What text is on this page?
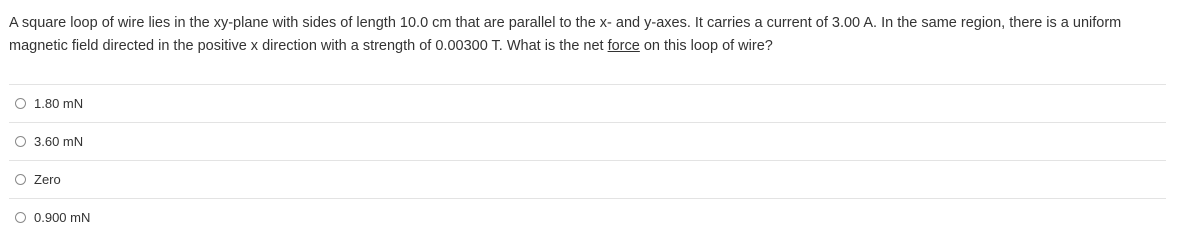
A square loop of wire lies in the xy-plane with sides of length 10.0 cm that are parallel to the x- and y-axes. It carries a current of 3.00 A. In the same region, there is a uniform magnetic field directed in the positive x direction with a strength of 0.00300 T. What is the net force on this loop of wire?
1.80 mN
3.60 mN
Zero
0.900 mN
